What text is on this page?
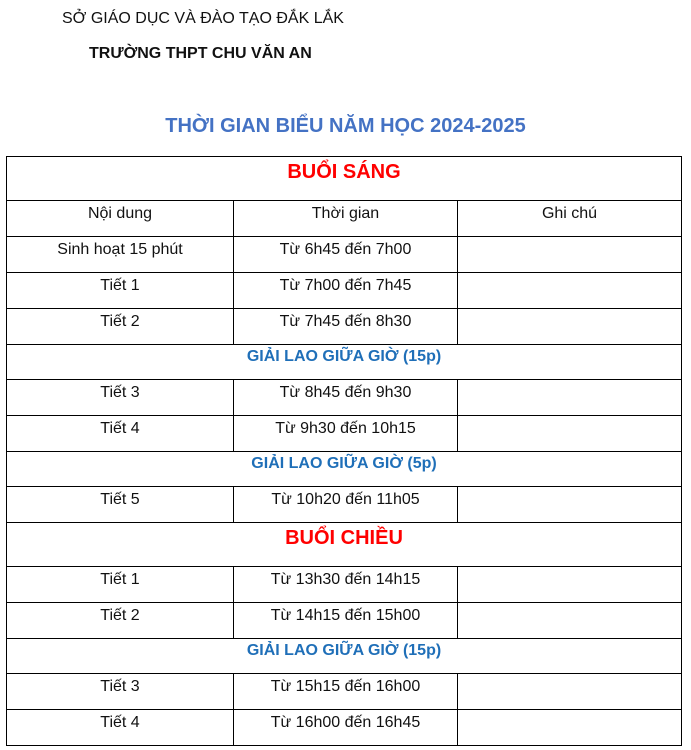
SỞ GIÁO DỤC VÀ ĐÀO TẠO ĐẮK LẮK
TRƯỜNG THPT CHU VĂN AN
THỜI GIAN BIỂU NĂM HỌC 2024-2025
BUỔI SÁNG		
Nội dung	Thời gian	Ghi chú
Sinh hoạt 15 phút	Từ 6h45 đến 7h00	
Tiết 1	Từ 7h00 đến 7h45	
Tiết 2	Từ 7h45 đến 8h30	
GIẢI LAO GIỮA GIỜ (15p)		
Tiết 3	Từ 8h45 đến 9h30	
Tiết 4	Từ 9h30 đến 10h15	
GIẢI LAO GIỮA GIỜ (5p)		
Tiết 5	Từ 10h20 đến 11h05	
BUỔI CHIỀU		
Tiết 1	Từ 13h30 đến 14h15	
Tiết 2	Từ 14h15 đến 15h00	
GIẢI LAO GIỮA GIỜ (15p)		
Tiết 3	Từ 15h15 đến 16h00	
Tiết 4	Từ 16h00 đến 16h45	
